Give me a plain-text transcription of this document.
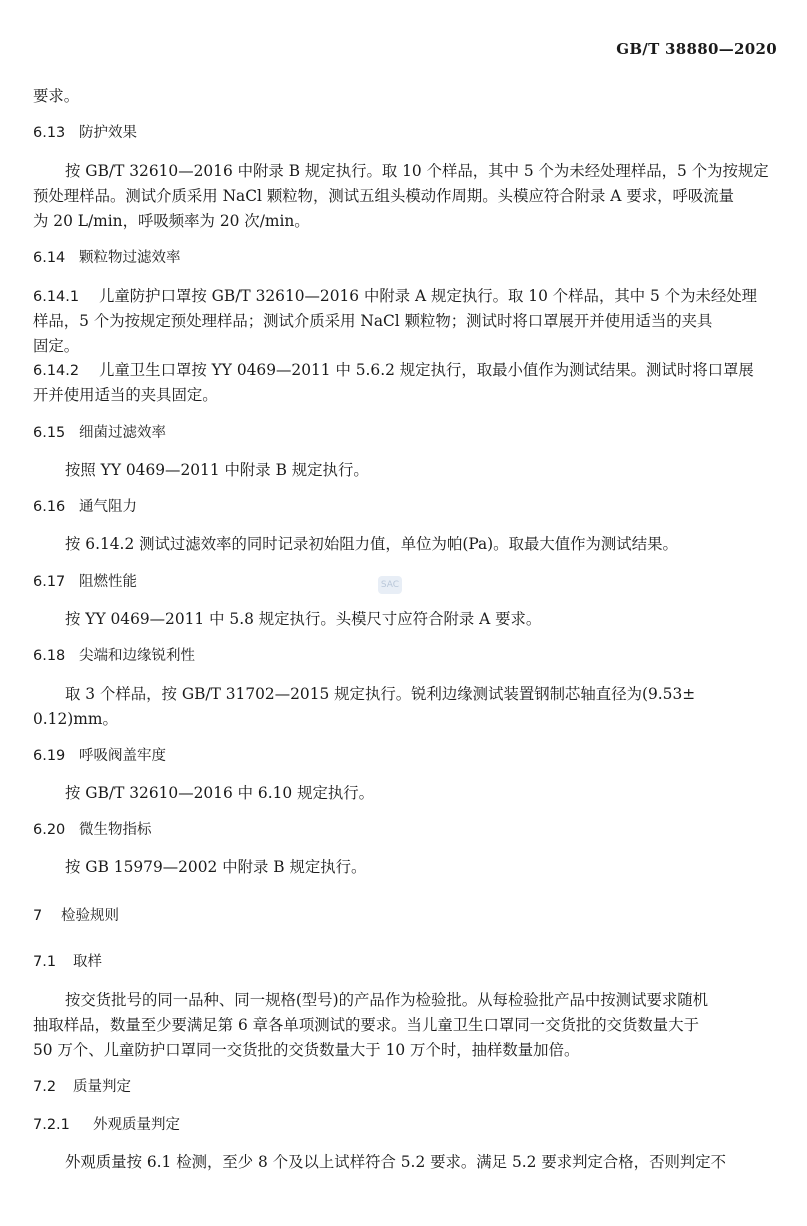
GB/T 38880—2020
要求。
6.13 防护效果
按 GB/T 32610—2016 中附录 B 规定执行。取 10 个样品，其中 5 个为未经处理样品，5 个为按规定
预处理样品。测试介质采用 NaCl 颗粒物，测试五组头模动作周期。头模应符合附录 A 要求，呼吸流量
为 20 L/min，呼吸频率为 20 次/min。
6.14 颗粒物过滤效率
6.14.1 儿童防护口罩按 GB/T 32610—2016 中附录 A 规定执行。取 10 个样品，其中 5 个为未经处理
样品，5 个为按规定预处理样品；测试介质采用 NaCl 颗粒物；测试时将口罩展开并使用适当的夹具
固定。
6.14.2 儿童卫生口罩按 YY 0469—2011 中 5.6.2 规定执行，取最小值作为测试结果。测试时将口罩展
开并使用适当的夹具固定。
6.15 细菌过滤效率
按照 YY 0469—2011 中附录 B 规定执行。
6.16 通气阻力
按 6.14.2 测试过滤效率的同时记录初始阻力值，单位为帕(Pa)。取最大值作为测试结果。
6.17 阻燃性能	SAC
按 YY 0469—2011 中 5.8 规定执行。头模尺寸应符合附录 A 要求。
6.18 尖端和边缘锐利性
取 3 个样品，按 GB/T 31702—2015 规定执行。锐利边缘测试装置钢制芯轴直径为(9.53±
0.12)mm。
6.19 呼吸阀盖牢度
按 GB/T 32610—2016 中 6.10 规定执行。
6.20 微生物指标
按 GB 15979—2002 中附录 B 规定执行。
7 检验规则
7.1 取样
按交货批号的同一品种、同一规格(型号)的产品作为检验批。从每检验批产品中按测试要求随机
抽取样品，数量至少要满足第 6 章各单项测试的要求。当儿童卫生口罩同一交货批的交货数量大于
50 万个、儿童防护口罩同一交货批的交货数量大于 10 万个时，抽样数量加倍。
7.2 质量判定
7.2.1 外观质量判定
外观质量按 6.1 检测，至少 8 个及以上试样符合 5.2 要求。满足 5.2 要求判定合格，否则判定不
